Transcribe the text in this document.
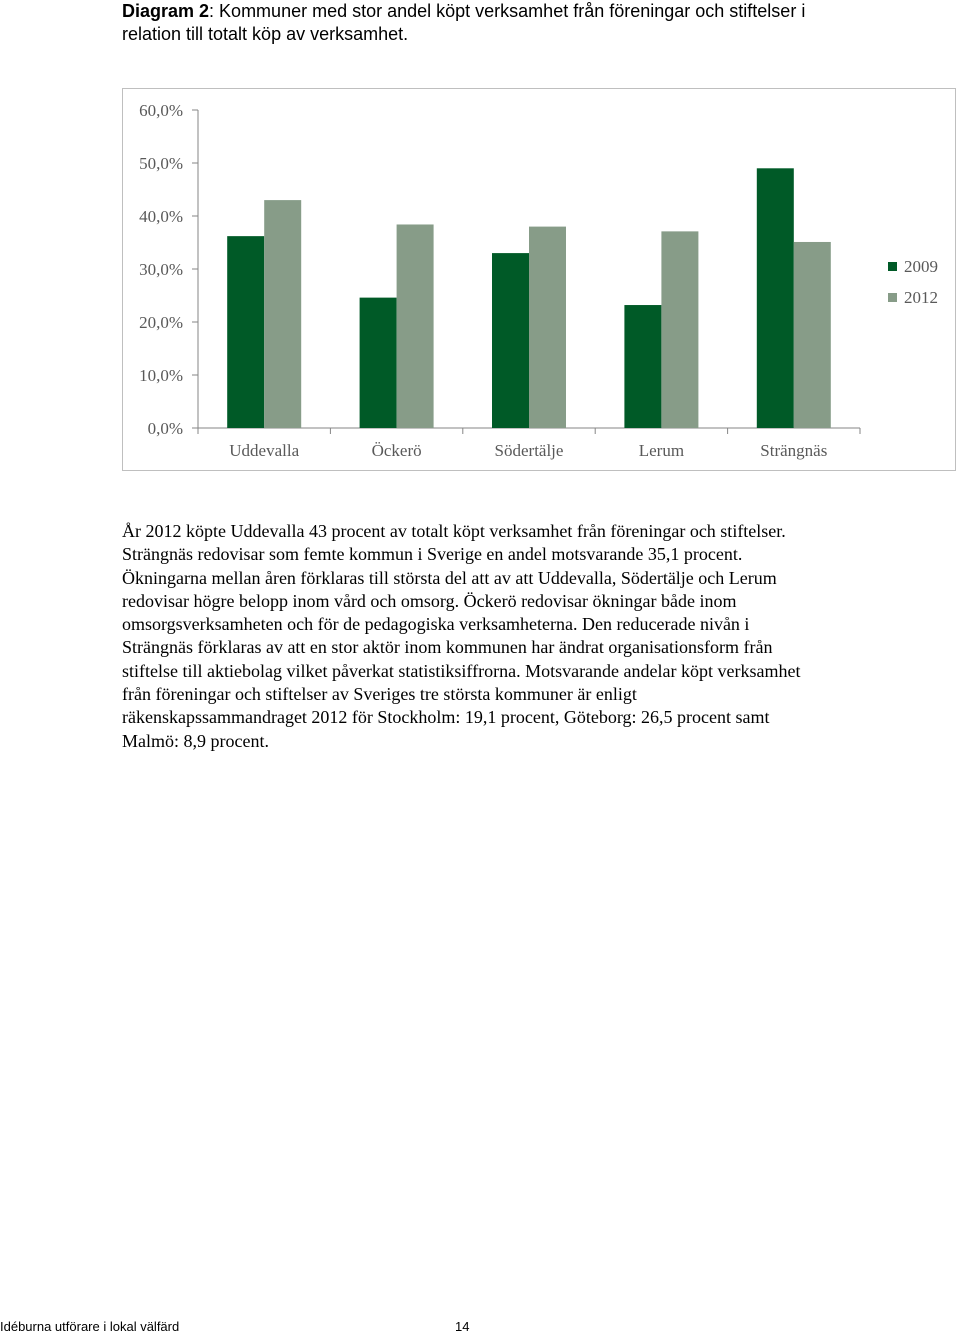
Diagram 2: Kommuner med stor andel köpt verksamhet från föreningar och stiftelser i relation till totalt köp av verksamhet.
0,0%
10,0%
20,0%
30,0%
40,0%
50,0%
60,0%
Uddevalla	Öckerö	Södertälje	Lerum	Strängnäs
2009
2012
År 2012 köpte Uddevalla 43 procent av totalt köpt verksamhet från föreningar och stiftelser. Strängnäs redovisar som femte kommun i Sverige en andel motsvarande 35,1 procent. Ökningarna mellan åren förklaras till största del att av att Uddevalla, Södertälje och Lerum redovisar högre belopp inom vård och omsorg. Öckerö redovisar ökningar både inom omsorgsverksamheten och för de pedagogiska verksamheterna. Den reducerade nivån i Strängnäs förklaras av att en stor aktör inom kommunen har ändrat organisationsform från stiftelse till aktiebolag vilket påverkat statistiksiffrorna. Motsvarande andelar köpt verksamhet från föreningar och stiftelser av Sveriges tre största kommuner är enligt räkenskapssammandraget 2012 för Stockholm: 19,1 procent, Göteborg: 26,5 procent samt Malmö: 8,9 procent.
Idéburna utförare i lokal välfärd	14
